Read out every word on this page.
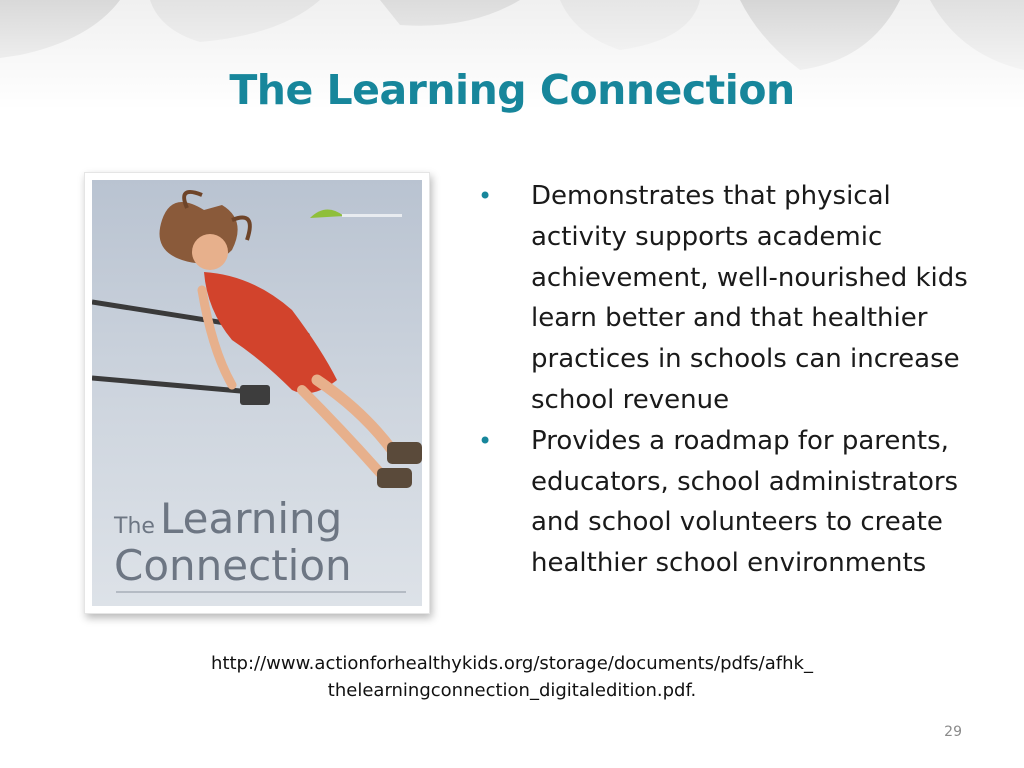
The Learning Connection
The Learning
Connection
• Demonstrates that physical activity supports academic achievement, well-nourished kids learn better and that healthier practices in schools can increase school revenue
• Provides a roadmap for parents, educators, school administrators and school volunteers to create healthier school environments
http://www.actionforhealthykids.org/storage/documents/pdfs/afhk_
thelearningconnection_digitaledition.pdf.
29
